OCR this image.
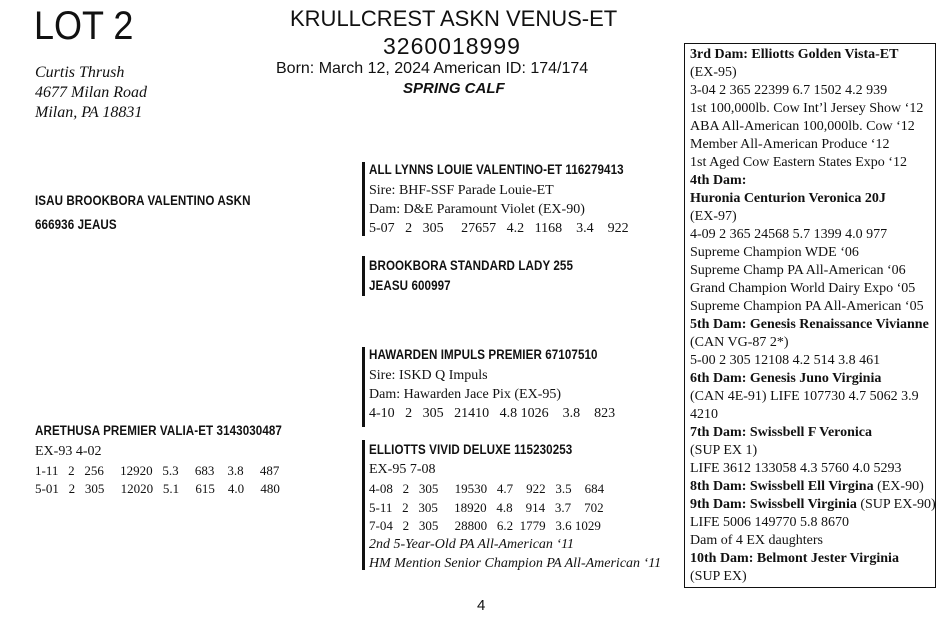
LOT 2	KRULLCREST ASKN VENUS-ET
3260018999
Born: March 12, 2024 American ID: 174/174
SPRING CALF
Curtis Thrush
4677 Milan Road
Milan, PA 18831
ISAU BROOKBORA VALENTINO ASKN
666936 JEAUS
ALL LYNNS LOUIE VALENTINO-ET 116279413
Sire: BHF-SSF Parade Louie-ET
Dam: D&E Paramount Violet (EX-90)
5-07   2   305     27657   4.2   1168    3.4    922
BROOKBORA STANDARD LADY 255
JEASU 600997
ARETHUSA PREMIER VALIA-ET 3143030487
EX-93 4-02
1-11   2   256     12920   5.3     683    3.8     487
5-01   2   305     12020   5.1     615    4.0     480
HAWARDEN IMPULS PREMIER 67107510
Sire: ISKD Q Impuls
Dam: Hawarden Jace Pix (EX-95)
4-10   2   305   21410   4.8 1026    3.8    823
ELLIOTTS VIVID DELUXE 115230253
EX-95 7-08
4-08   2   305     19530   4.7    922   3.5    684
5-11   2   305     18920   4.8    914   3.7    702
7-04   2   305     28800   6.2  1779   3.6 1029
2nd 5-Year-Old PA All-American ‘11
HM Mention Senior Champion PA All-American ‘11
3rd Dam: Elliotts Golden Vista-ET
(EX-95)
3-04 2 365 22399 6.7 1502 4.2 939
1st 100,000lb. Cow Int’l Jersey Show ‘12
ABA All-American 100,000lb. Cow ‘12
Member All-American Produce ‘12
1st Aged Cow Eastern States Expo ‘12
4th Dam:
Huronia Centurion Veronica 20J
(EX-97)
4-09 2 365 24568 5.7 1399 4.0 977
Supreme Champion WDE ‘06
Supreme Champ PA All-American ‘06
Grand Champion World Dairy Expo ‘05
Supreme Champion PA All-American ‘05
5th Dam: Genesis Renaissance Vivianne
(CAN VG-87 2*)
5-00 2 305 12108 4.2 514 3.8 461
6th Dam: Genesis Juno Virginia
(CAN 4E-91) LIFE 107730 4.7 5062 3.9
4210
7th Dam: Swissbell F Veronica
(SUP EX 1)
LIFE 3612 133058 4.3 5760 4.0 5293
8th Dam: Swissbell Ell Virgina (EX-90)
9th Dam: Swissbell Virginia (SUP EX-90)
LIFE 5006 149770 5.8 8670
Dam of 4 EX daughters
10th Dam: Belmont Jester Virginia
(SUP EX)
4
